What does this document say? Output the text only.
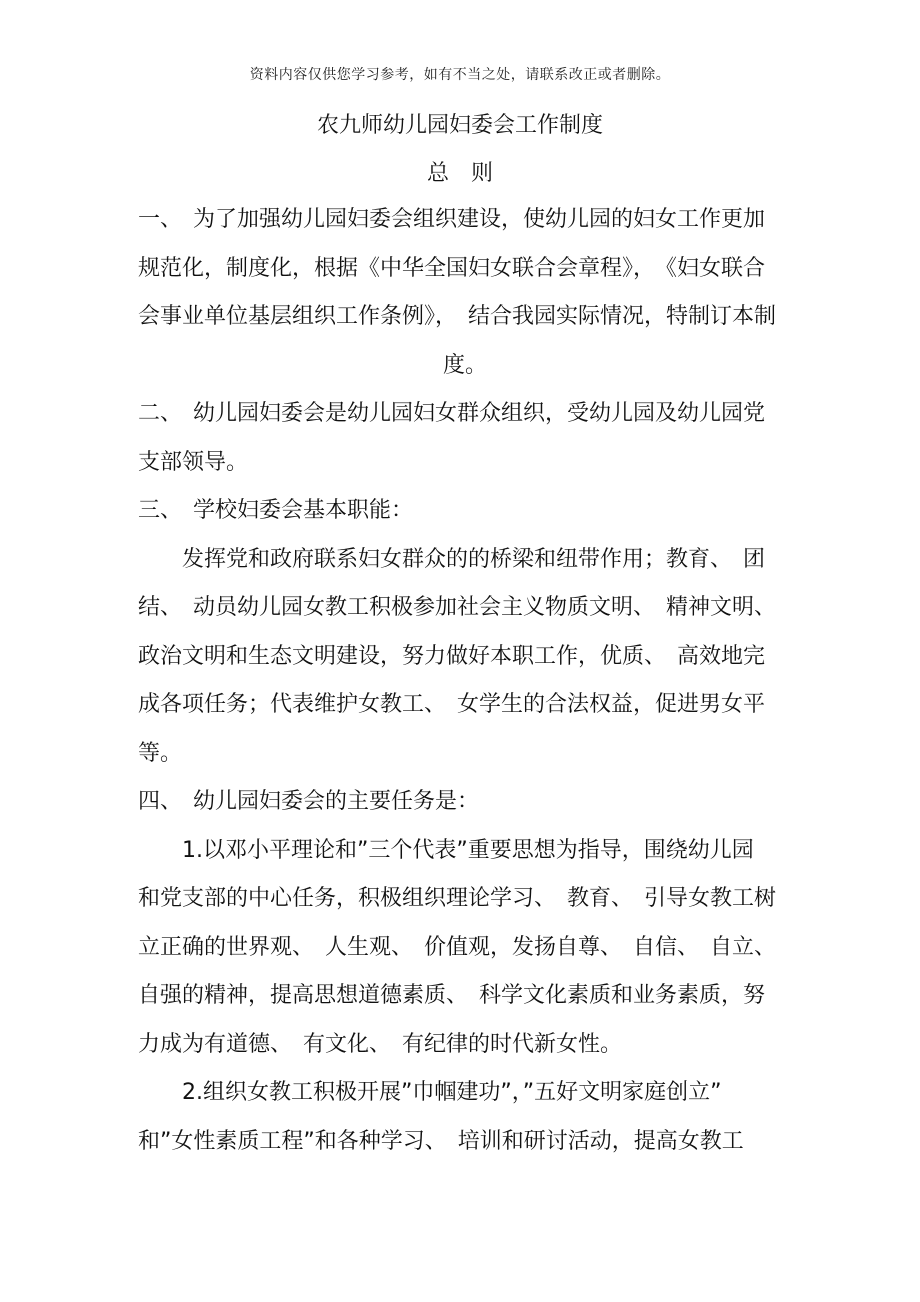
资料内容仅供您学习参考，如有不当之处，请联系改正或者删除。
农九师幼儿园妇委会工作制度
总　则
一、　为了加强幼儿园妇委会组织建设，使幼儿园的妇女工作更加
规范化，制度化，根据《中华全国妇女联合会章程》，　《妇女联合
会事业单位基层组织工作条例》，　结合我园实际情况，特制订本制
度。
二、　幼儿园妇委会是幼儿园妇女群众组织，受幼儿园及幼儿园党
支部领导。
三、　学校妇委会基本职能：
　　发挥党和政府联系妇女群众的的桥梁和纽带作用；教育、　团
结、　动员幼儿园女教工积极参加社会主义物质文明、　精神文明、
政治文明和生态文明建设，努力做好本职工作，优质、　高效地完
成各项任务；代表维护女教工、　女学生的合法权益，促进男女平
等。
四、　幼儿园妇委会的主要任务是：
　　1.以邓小平理论和”三个代表”重要思想为指导，围绕幼儿园
和党支部的中心任务，积极组织理论学习、　教育、　引导女教工树
立正确的世界观、　人生观、　价值观，发扬自尊、　自信、　自立、
自强的精神，提高思想道德素质、　科学文化素质和业务素质，努
力成为有道德、　有文化、　有纪律的时代新女性。
　　2.组织女教工积极开展”巾帼建功”，”五好文明家庭创立”
和”女性素质工程”和各种学习、　培训和研讨活动，提高女教工
